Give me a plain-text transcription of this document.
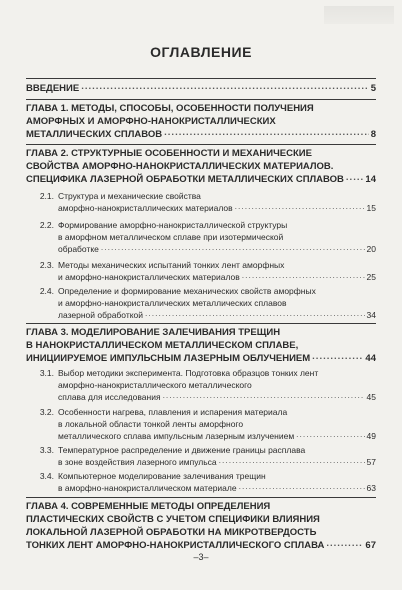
ОГЛАВЛЕНИЕ
ВВЕДЕНИЕ .....	5
ГЛАВА 1. МЕТОДЫ, СПОСОБЫ, ОСОБЕННОСТИ ПОЛУЧЕНИЯ
АМОРФНЫХ И АМОРФНО-НАНОКРИСТАЛЛИЧЕСКИХ
МЕТАЛЛИЧЕСКИХ СПЛАВОВ .....	8
ГЛАВА 2. СТРУКТУРНЫЕ ОСОБЕННОСТИ И МЕХАНИЧЕСКИЕ
СВОЙСТВА АМОРФНО-НАНОКРИСТАЛЛИЧЕСКИХ МАТЕРИАЛОВ.
СПЕЦИФИКА ЛАЗЕРНОЙ ОБРАБОТКИ МЕТАЛЛИЧЕСКИХ СПЛАВОВ ..... 14
2.1. Структура и механические свойства
аморфно-нанокристаллических материалов .....	15
2.2. Формирование аморфно-нанокристаллической структуры
в аморфном металлическом сплаве при изотермической
обработке .....	20
2.3. Методы механических испытаний тонких лент аморфных
и аморфно-нанокристаллических материалов .....	25
2.4. Определение и формирование механических свойств аморфных
и аморфно-нанокристаллических металлических сплавов
лазерной обработкой .....	34
ГЛАВА 3. МОДЕЛИРОВАНИЕ ЗАЛЕЧИВАНИЯ ТРЕЩИН
В НАНОКРИСТАЛЛИЧЕСКОМ МЕТАЛЛИЧЕСКОМ СПЛАВЕ,
ИНИЦИИРУЕМОЕ ИМПУЛЬСНЫМ ЛАЗЕРНЫМ ОБЛУЧЕНИЕМ .....	44
3.1. Выбор методики эксперимента. Подготовка образцов тонких лент
аморфно-нанокристаллического металлического
сплава для исследования .....	45
3.2. Особенности нагрева, плавления и испарения материала
в локальной области тонкой ленты аморфного
металлического сплава импульсным лазерным излучением .....	49
3.3. Температурное распределение и движение границы расплава
в зоне воздействия лазерного импульса .....	57
3.4. Компьютерное моделирование залечивания трещин
в аморфно-нанокристаллическом материале .....	63
ГЛАВА 4. СОВРЕМЕННЫЕ МЕТОДЫ ОПРЕДЕЛЕНИЯ
ПЛАСТИЧЕСКИХ СВОЙСТВ С УЧЕТОМ СПЕЦИФИКИ ВЛИЯНИЯ
ЛОКАЛЬНОЙ ЛАЗЕРНОЙ ОБРАБОТКИ НА МИКРОТВЕРДОСТЬ
ТОНКИХ ЛЕНТ АМОРФНО-НАНОКРИСТАЛЛИЧЕСКОГО СПЛАВА .....	67
–3–
